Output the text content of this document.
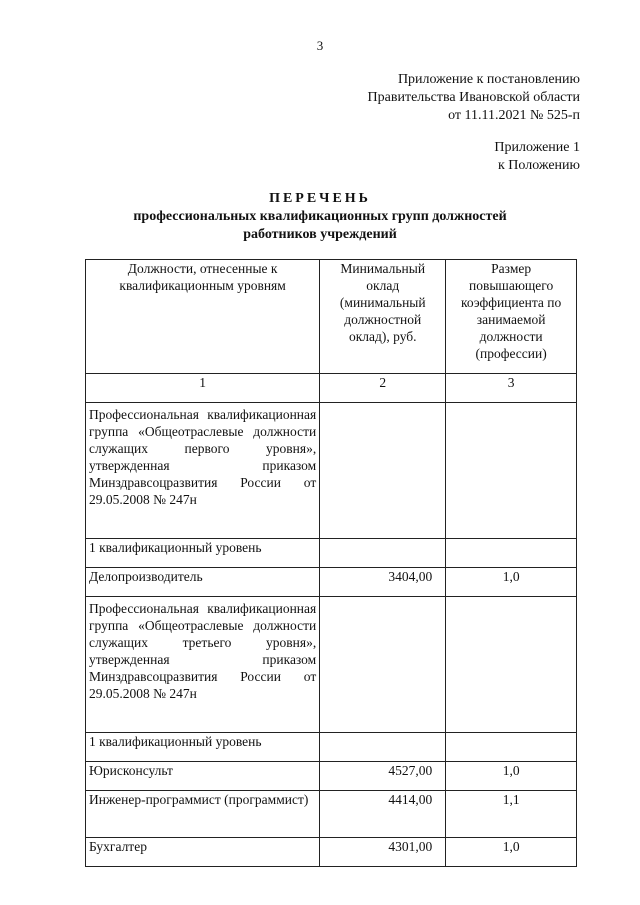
3
Приложение к постановлению
Правительства Ивановской области
от 11.11.2021 № 525-п
Приложение 1
к Положению
ПЕРЕЧЕНЬ
профессиональных квалификационных групп должностей
работников учреждений
Должности, отнесенные к квалификационным уровням	Минимальный оклад (минимальный должностной оклад), руб.	Размер повышающего коэффициента по занимаемой должности (профессии)
1	2	3
Профессиональная квалификационная группа «Общеотраслевые должности служащих первого уровня», утвержденная приказом Минздравсоцразвития России от 29.05.2008 № 247н		
1 квалификационный уровень		
Делопроизводитель	3404,00	1,0
Профессиональная квалификационная группа «Общеотраслевые должности служащих третьего уровня», утвержденная приказом Минздравсоцразвития России от 29.05.2008 № 247н		
1 квалификационный уровень		
Юрисконсульт	4527,00	1,0
Инженер-программист (программист)	4414,00	1,1
Бухгалтер	4301,00	1,0
